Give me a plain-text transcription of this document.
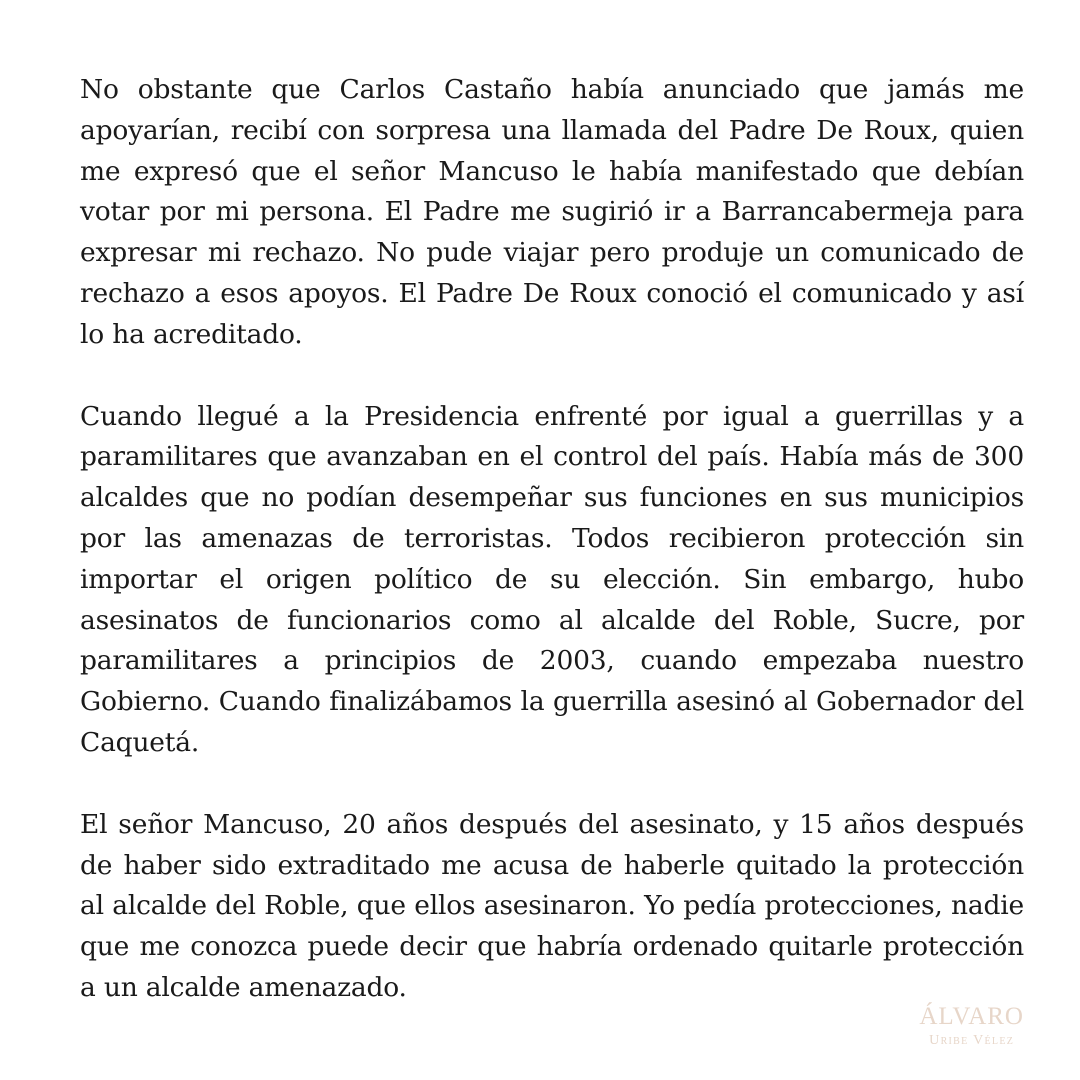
No obstante que Carlos Castaño había anunciado que jamás me apoyarían, recibí con sorpresa una llamada del Padre De Roux, quien me expresó que el señor Mancuso le había manifestado que debían votar por mi persona. El Padre me sugirió ir a Barrancabermeja para expresar mi rechazo. No pude viajar pero produje un comunicado de rechazo a esos apoyos. El Padre De Roux conoció el comunicado y así lo ha acreditado.

Cuando llegué a la Presidencia enfrenté por igual a guerrillas y a paramilitares que avanzaban en el control del país. Había más de 300 alcaldes que no podían desempeñar sus funciones en sus municipios por las amenazas de terroristas. Todos recibieron protección sin importar el origen político de su elección. Sin embargo, hubo asesinatos de funcionarios como al alcalde del Roble, Sucre, por paramilitares a principios de 2003, cuando empezaba nuestro Gobierno. Cuando finalizábamos la guerrilla asesinó al Gobernador del Caquetá.

El señor Mancuso, 20 años después del asesinato, y 15 años después de haber sido extraditado me acusa de haberle quitado la protección al alcalde del Roble, que ellos asesinaron. Yo pedía protecciones, nadie que me conozca puede decir que habría ordenado quitarle protección a un alcalde amenazado.

ÁLVARO
Uribe Vélez
